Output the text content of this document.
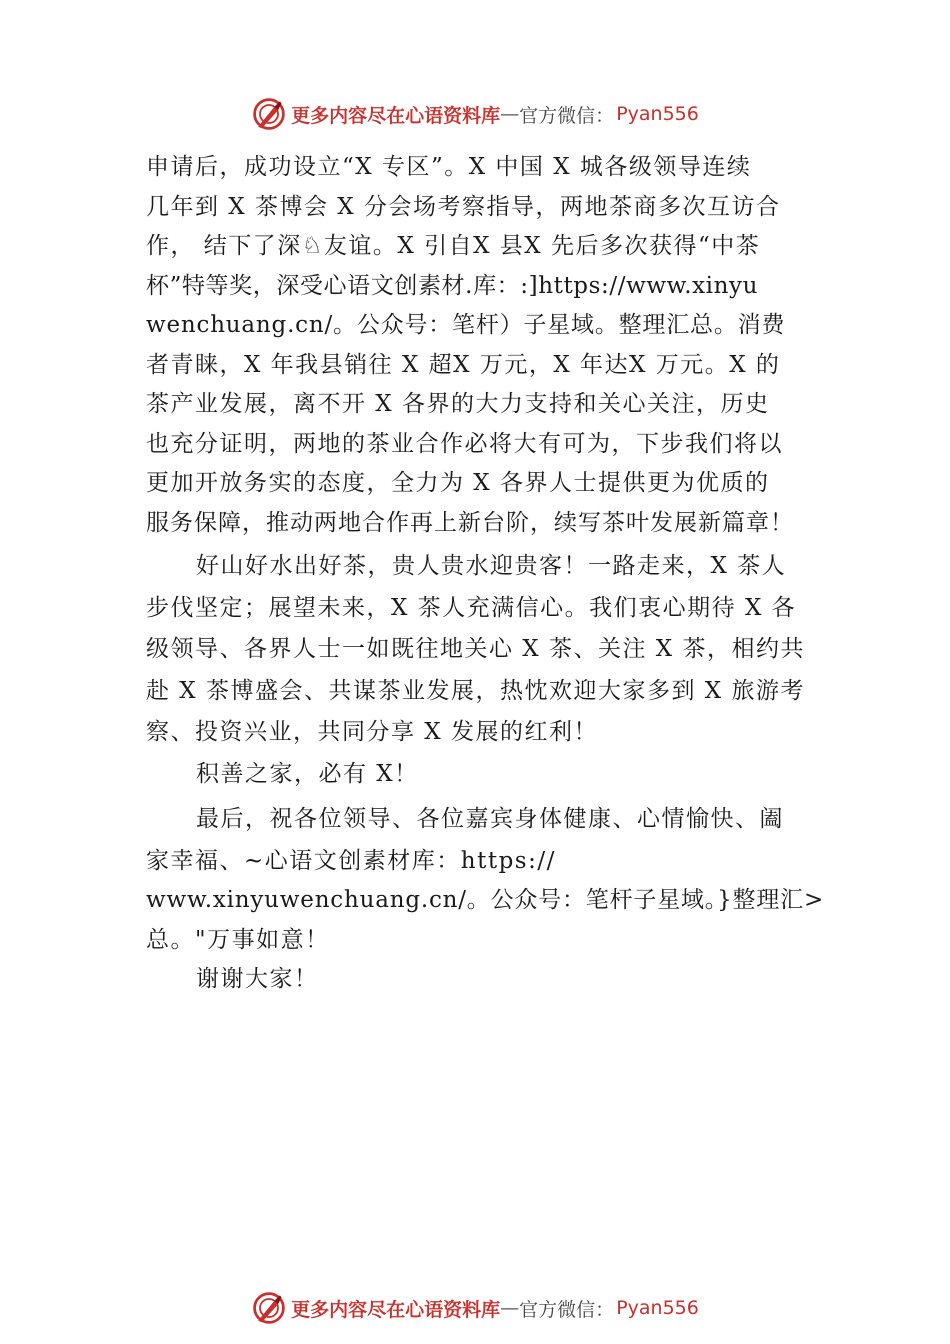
更多内容尽在心语资料库 — 官方微信： Pyan556
申请后，成功设立“X 专区”。X 中国 X 城各级领导连续
几年到 X 茶博会 X 分会场考察指导，两地茶商多次互访合
作， 结下了深♘友谊。X 引自X 县X 先后多次获得“中茶
杯”特等奖，深受心语文创素材.库：:]https://www.xinyu
wenchuang.cn/。公众号：笔杆）子星域。整理汇总。消费
者青睐，X 年我县销往 X 超X 万元，X 年达X 万元。X 的
茶产业发展，离不开 X 各界的大力支持和关心关注，历史
也充分证明，两地的茶业合作必将大有可为，下步我们将以
更加开放务实的态度，全力为 X 各界人士提供更为优质的
服务保障，推动两地合作再上新台阶，续写茶叶发展新篇章！
好山好水出好茶，贵人贵水迎贵客！一路走来，X 茶人
步伐坚定；展望未来，X 茶人充满信心。我们衷心期待 X 各
级领导、各界人士一如既往地关心 X 茶、关注 X 茶，相约共
赴 X 茶博盛会、共谋茶业发展，热忱欢迎大家多到 X 旅游考
察、投资兴业，共同分享 X 发展的红利！
积善之家，必有 X！
最后，祝各位领导、各位嘉宾身体健康、心情愉快、阖
家幸福、~心语文创素材库：https://
www.xinyuwenchuang.cn/。公众号：笔杆子星域。}整理汇>
总。"万事如意！
谢谢大家！
更多内容尽在心语资料库 — 官方微信： Pyan556
